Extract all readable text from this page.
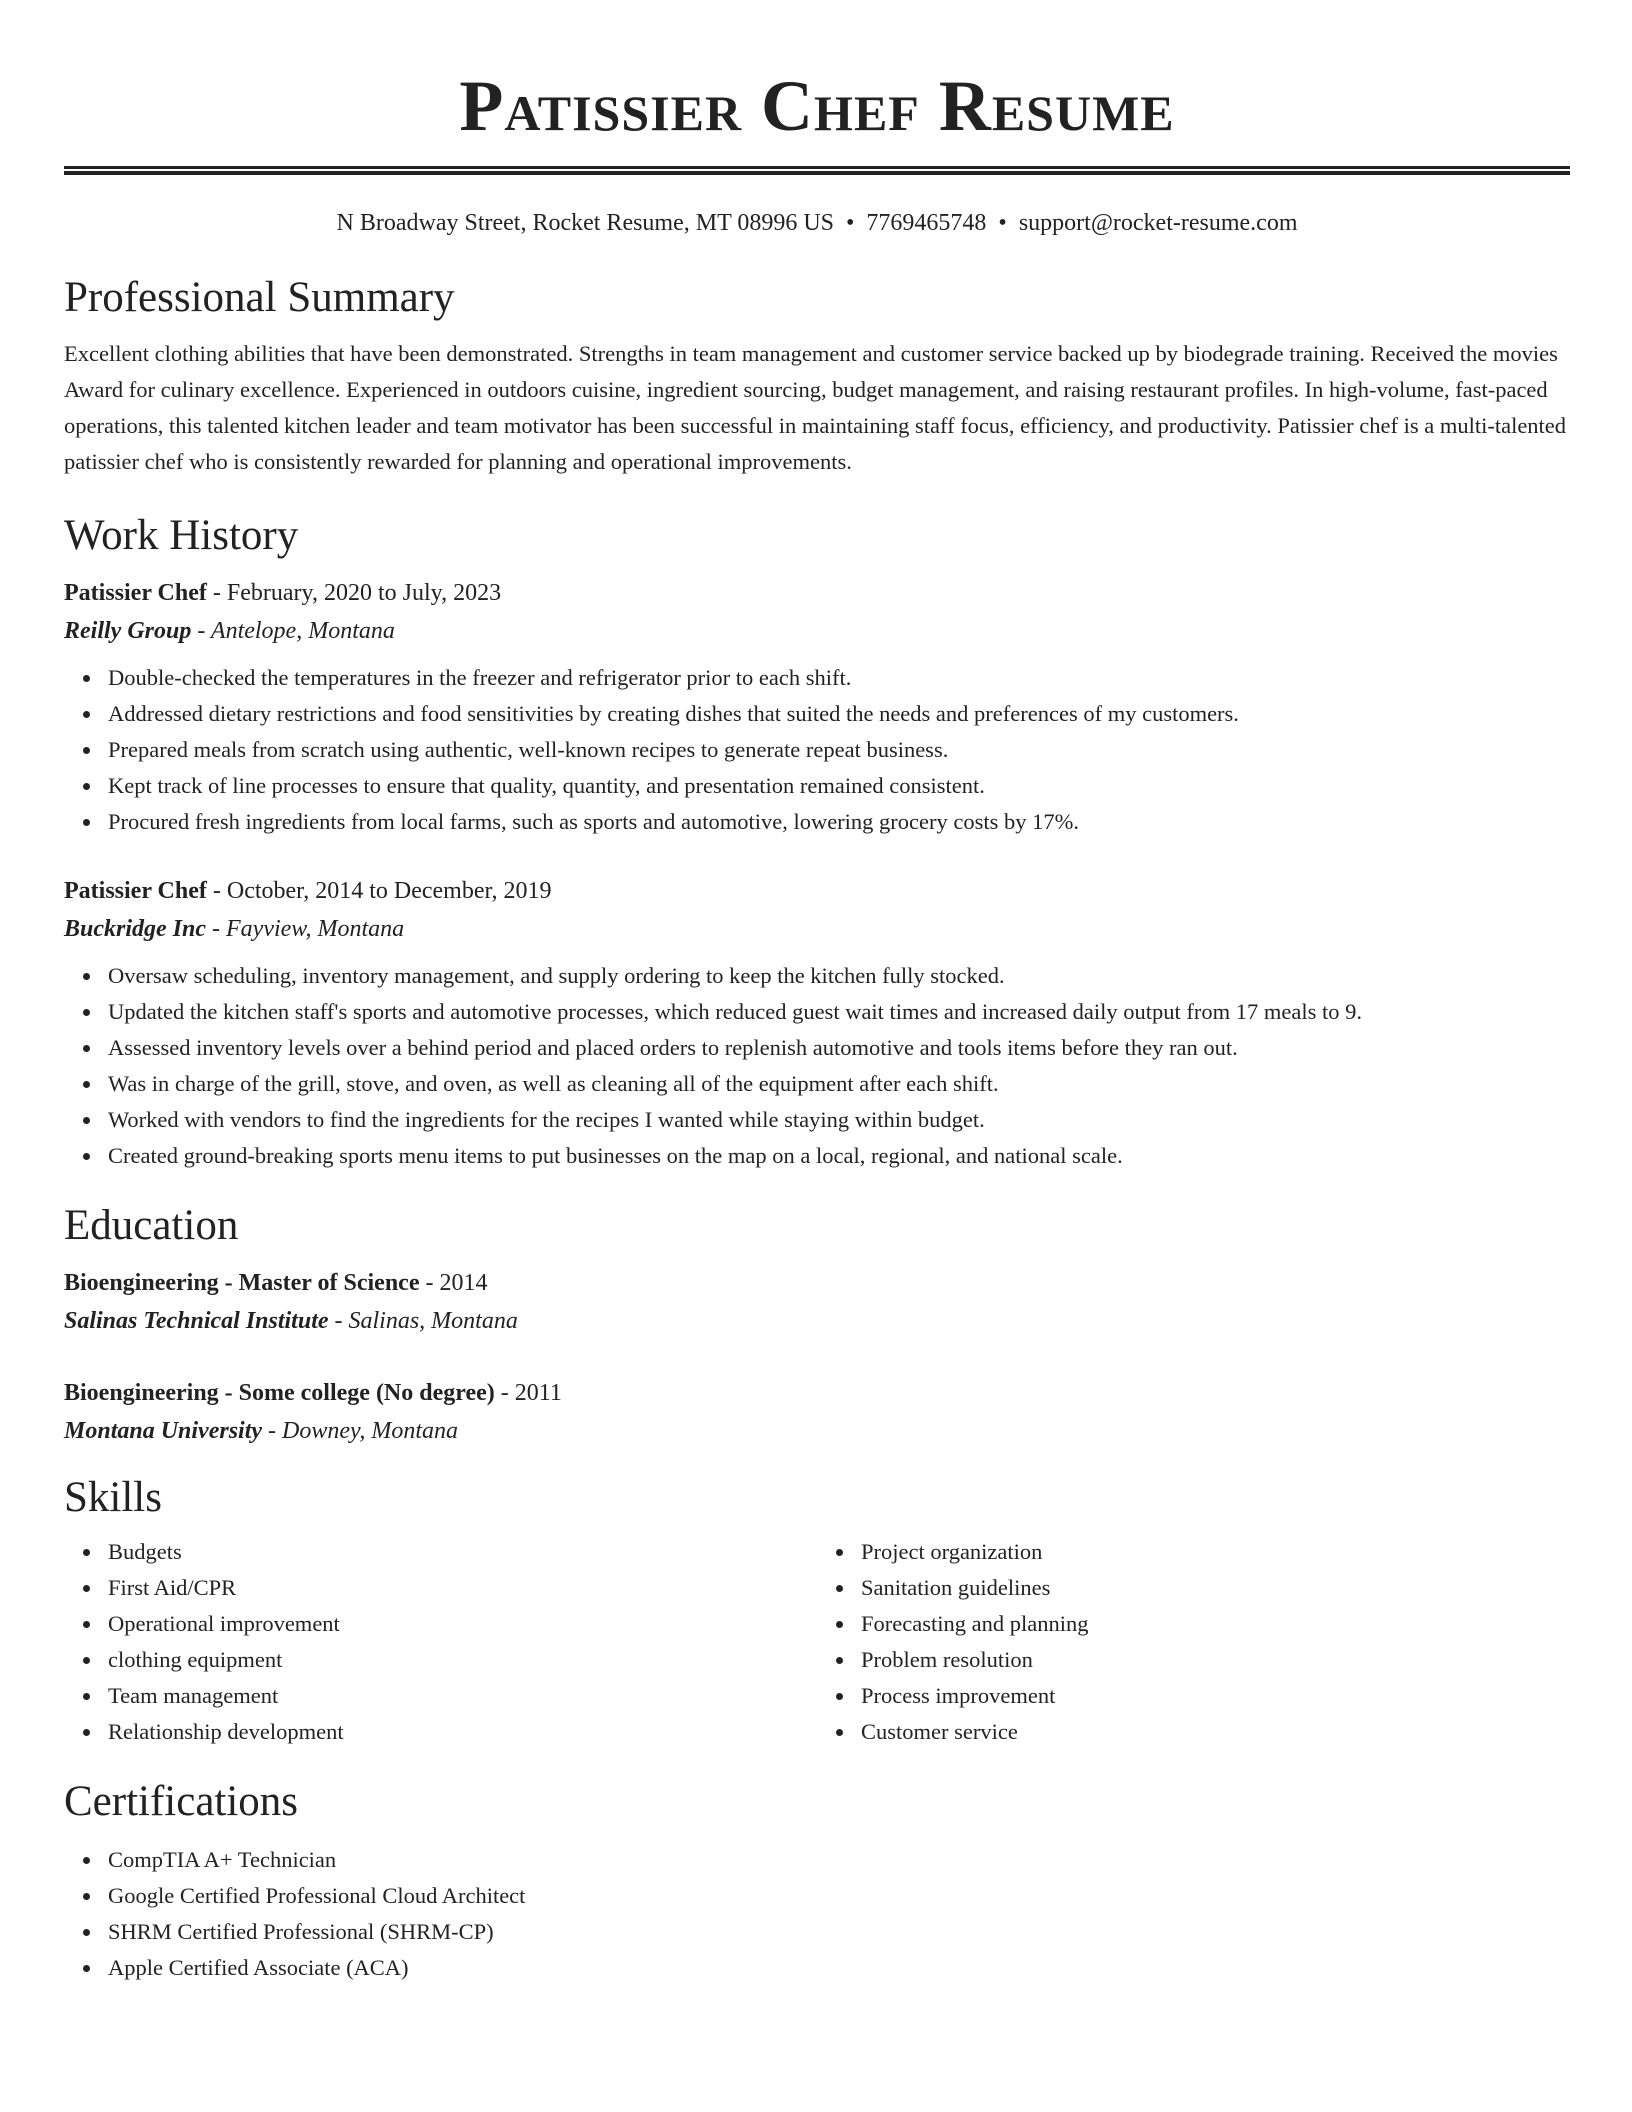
Patissier Chef Resume
N Broadway Street, Rocket Resume, MT 08996 US • 7769465748 • support@rocket-resume.com
Professional Summary

Excellent clothing abilities that have been demonstrated. Strengths in team management and customer service backed up by biodegrade training. Received the movies Award for culinary excellence. Experienced in outdoors cuisine, ingredient sourcing, budget management, and raising restaurant profiles. In high-volume, fast-paced operations, this talented kitchen leader and team motivator has been successful in maintaining staff focus, efficiency, and productivity. Patissier chef is a multi-talented patissier chef who is consistently rewarded for planning and operational improvements.

Work History

Patissier Chef - February, 2020 to July, 2023

Reilly Group - Antelope, Montana

Double-checked the temperatures in the freezer and refrigerator prior to each shift.
Addressed dietary restrictions and food sensitivities by creating dishes that suited the needs and preferences of my customers.
Prepared meals from scratch using authentic, well-known recipes to generate repeat business.
Kept track of line processes to ensure that quality, quantity, and presentation remained consistent.
Procured fresh ingredients from local farms, such as sports and automotive, lowering grocery costs by 17%.

Patissier Chef - October, 2014 to December, 2019

Buckridge Inc - Fayview, Montana

Oversaw scheduling, inventory management, and supply ordering to keep the kitchen fully stocked.
Updated the kitchen staff's sports and automotive processes, which reduced guest wait times and increased daily output from 17 meals to 9.
Assessed inventory levels over a behind period and placed orders to replenish automotive and tools items before they ran out.
Was in charge of the grill, stove, and oven, as well as cleaning all of the equipment after each shift.
Worked with vendors to find the ingredients for the recipes I wanted while staying within budget.
Created ground-breaking sports menu items to put businesses on the map on a local, regional, and national scale.
Education

Bioengineering - Master of Science - 2014

Salinas Technical Institute - Salinas, Montana

Bioengineering - Some college (No degree) - 2011

Montana University - Downey, Montana

Skills
Budgets
First Aid/CPR
Operational improvement
clothing equipment
Team management
Relationship development
Project organization
Sanitation guidelines
Forecasting and planning
Problem resolution
Process improvement
Customer service
Certifications
CompTIA A+ Technician
Google Certified Professional Cloud Architect
SHRM Certified Professional (SHRM-CP)
Apple Certified Associate (ACA)
